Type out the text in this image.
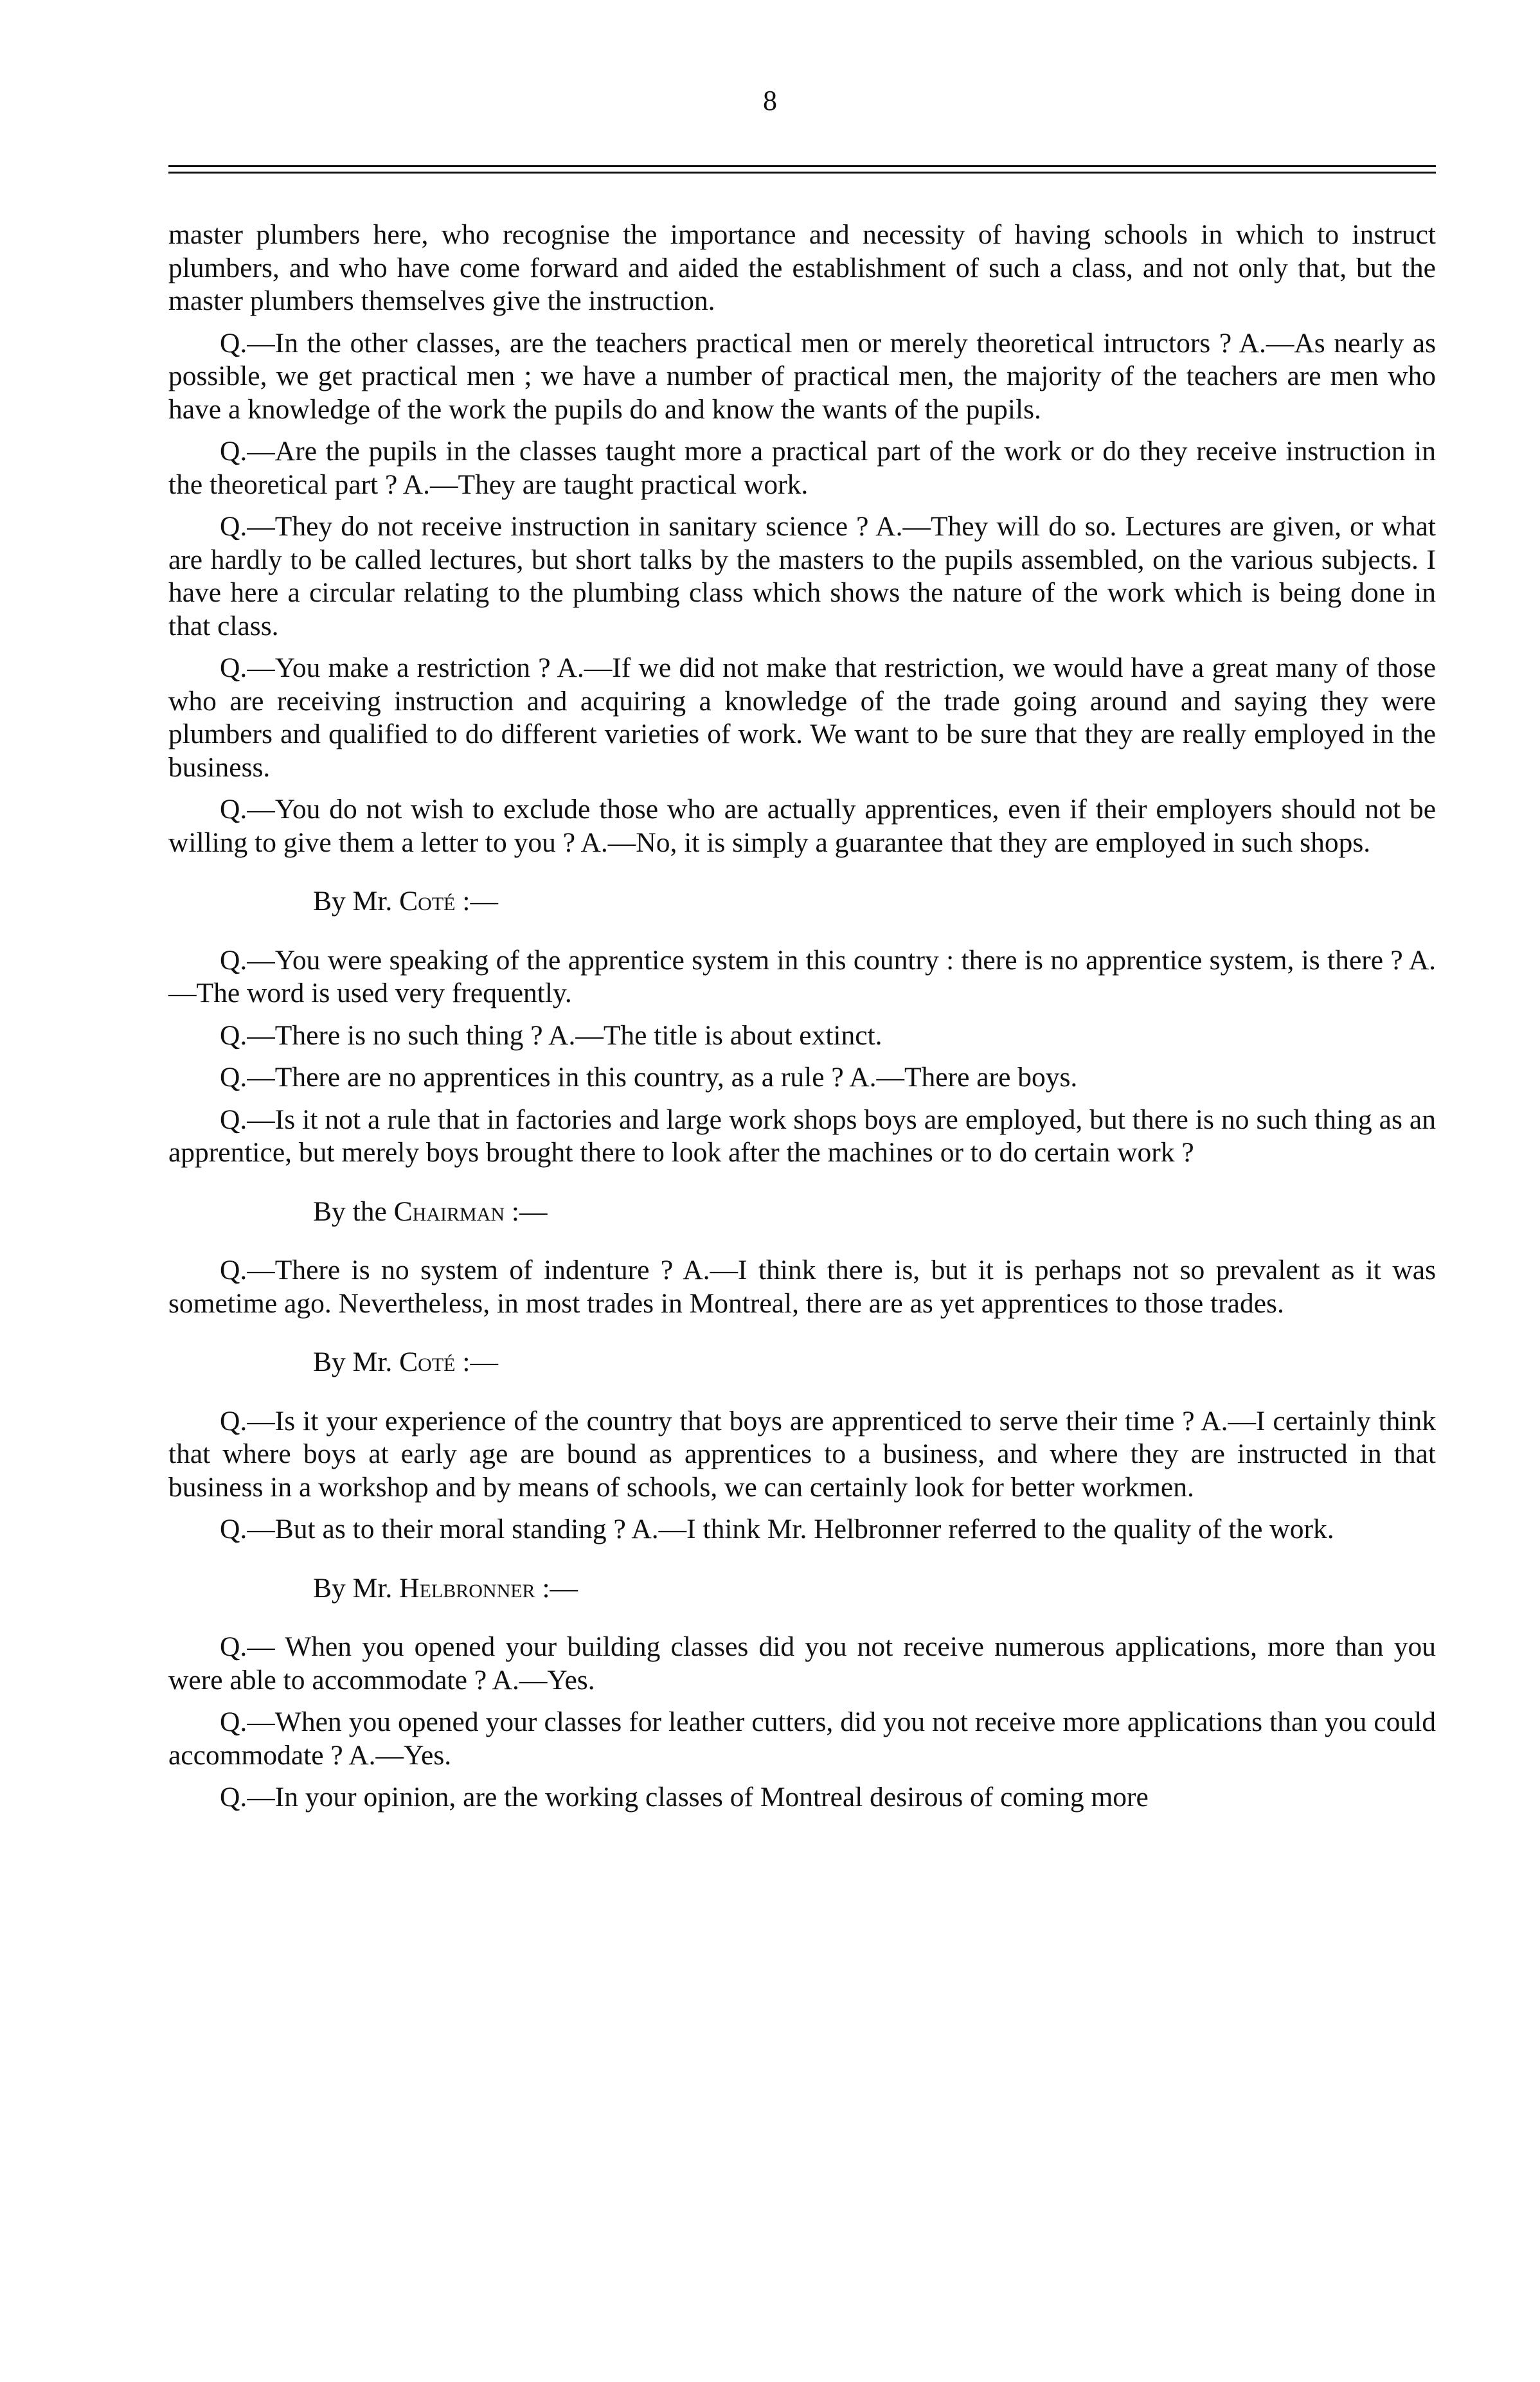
8

master plumbers here, who recognise the importance and necessity of having schools in which to instruct plumbers, and who have come forward and aided the establishment of such a class, and not only that, but the master plumbers themselves give the instruction.

Q.—In the other classes, are the teachers practical men or merely theoretical intructors ? A.—As nearly as possible, we get practical men ; we have a number of practical men, the majority of the teachers are men who have a knowledge of the work the pupils do and know the wants of the pupils.

Q.—Are the pupils in the classes taught more a practical part of the work or do they receive instruction in the theoretical part ? A.—They are taught practical work.

Q.—They do not receive instruction in sanitary science ? A.—They will do so. Lectures are given, or what are hardly to be called lectures, but short talks by the masters to the pupils assembled, on the various subjects. I have here a circular relating to the plumbing class which shows the nature of the work which is being done in that class.

Q.—You make a restriction ? A.—If we did not make that restriction, we would have a great many of those who are receiving instruction and acquiring a knowledge of the trade going around and saying they were plumbers and qualified to do different varieties of work. We want to be sure that they are really employed in the business.

Q.—You do not wish to exclude those who are actually apprentices, even if their employers should not be willing to give them a letter to you ? A.—No, it is simply a guarantee that they are employed in such shops.

By Mr. Coté :—

Q.—You were speaking of the apprentice system in this country : there is no apprentice system, is there ? A.—The word is used very frequently.

Q.—There is no such thing ? A.—The title is about extinct.

Q.—There are no apprentices in this country, as a rule ? A.—There are boys.

Q.—Is it not a rule that in factories and large work shops boys are employed, but there is no such thing as an apprentice, but merely boys brought there to look after the machines or to do certain work ?

By the Chairman :—

Q.—There is no system of indenture ? A.—I think there is, but it is perhaps not so prevalent as it was sometime ago. Nevertheless, in most trades in Montreal, there are as yet apprentices to those trades.

By Mr. Coté :—

Q.—Is it your experience of the country that boys are apprenticed to serve their time ? A.—I certainly think that where boys at early age are bound as apprentices to a business, and where they are instructed in that business in a workshop and by means of schools, we can certainly look for better workmen.

Q.—But as to their moral standing ? A.—I think Mr. Helbronner referred to the quality of the work.

By Mr. Helbronner :—

Q.— When you opened your building classes did you not receive numerous applications, more than you were able to accommodate ? A.—Yes.

Q.—When you opened your classes for leather cutters, did you not receive more applications than you could accommodate ? A.—Yes.

Q.—In your opinion, are the working classes of Montreal desirous of coming more
